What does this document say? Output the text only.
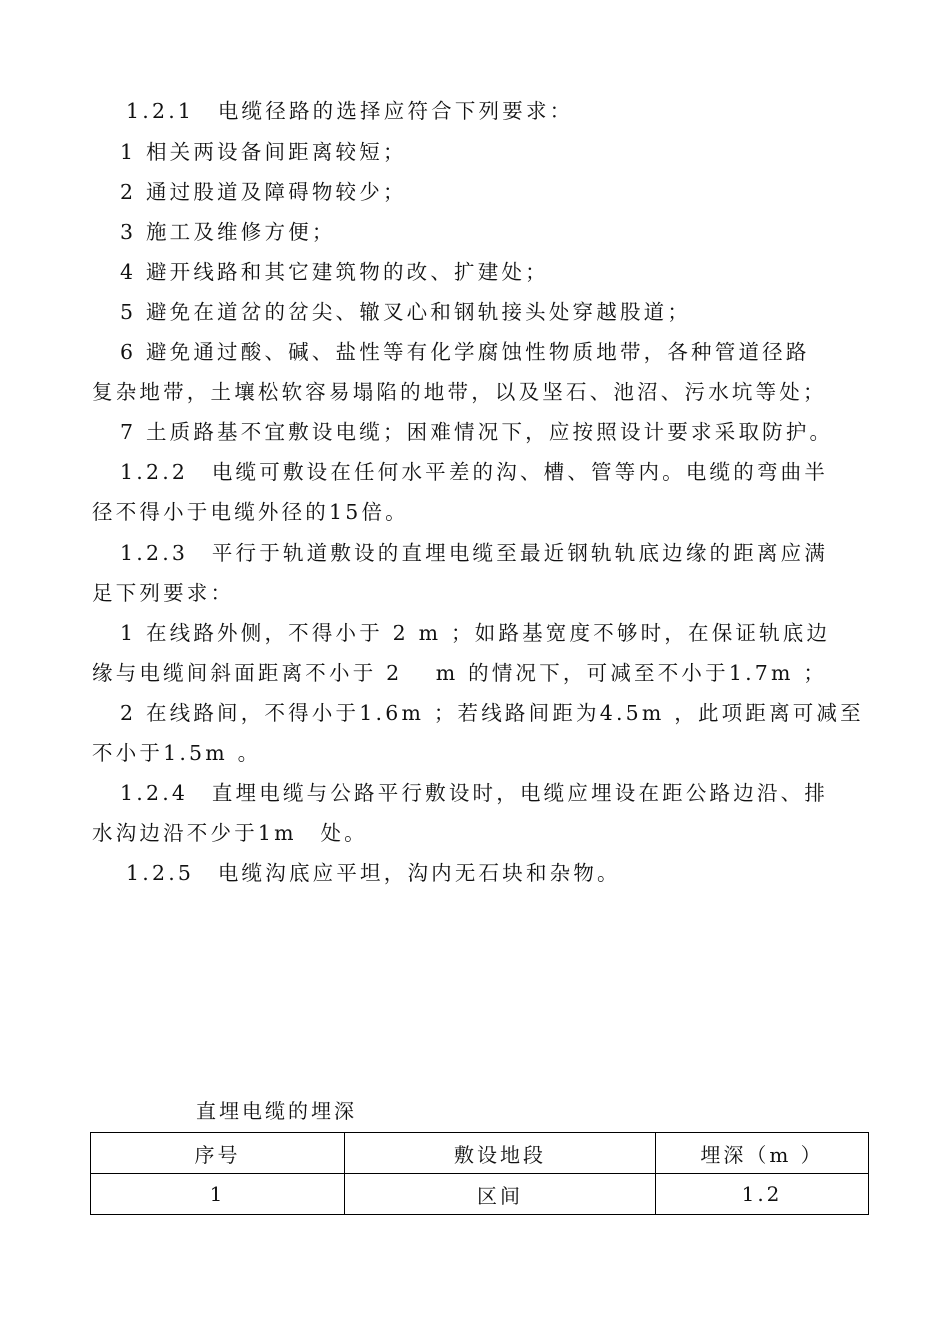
1.2.1　电缆径路的选择应符合下列要求：

1 相关两设备间距离较短；

2 通过股道及障碍物较少；

3 施工及维修方便；

4 避开线路和其它建筑物的改、扩建处；

5 避免在道岔的岔尖、辙叉心和钢轨接头处穿越股道；

6 避免通过酸、碱、盐性等有化学腐蚀性物质地带，各种管道径路

复杂地带，土壤松软容易塌陷的地带，以及坚石、池沼、污水坑等处；

7 土质路基不宜敷设电缆；困难情况下，应按照设计要求采取防护。

1.2.2　电缆可敷设在任何水平差的沟、槽、管等内。电缆的弯曲半

径不得小于电缆外径的15倍。

1.2.3　平行于轨道敷设的直埋电缆至最近钢轨轨底边缘的距离应满

足下列要求：

1 在线路外侧，不得小于 2 m ；如路基宽度不够时，在保证轨底边

缘与电缆间斜面距离不小于 2　 m 的情况下，可减至不小于1.7m ；

2 在线路间，不得小于1.6m ；若线路间距为4.5m ，此项距离可减至

不小于1.5m 。

1.2.4　直埋电缆与公路平行敷设时，电缆应埋设在距公路边沿、排

水沟边沿不少于1m　处。

1.2.5　电缆沟底应平坦，沟内无石块和杂物。

直埋电缆的埋深
序号	敷设地段	埋深（m ）
1	区间	1.2
